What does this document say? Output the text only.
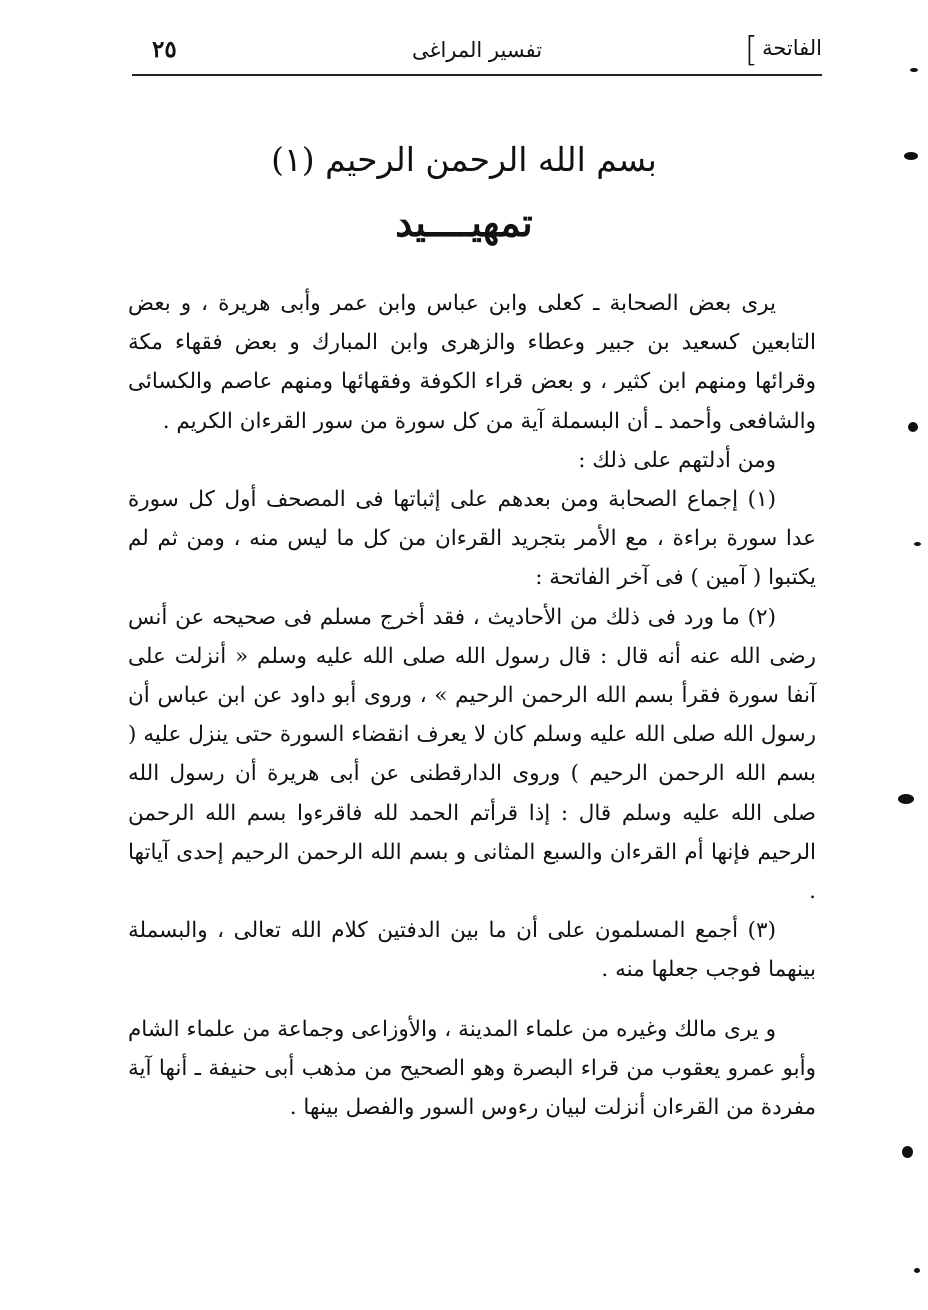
الفاتحة
]
تفسير المراغى
٢٥
بسم الله الرحمن الرحيم (١)
تمهيــــيد

يرى بعض الصحابة ـ كعلى وابن عباس وابن عمر وأبى هريرة ، و بعض التابعين كسعيد بن جبير وعطاء والزهرى وابن المبارك و بعض فقهاء مكة وقرائها ومنهم ابن كثير ، و بعض قراء الكوفة وفقهائها ومنهم عاصم والكسائى والشافعى وأحمد ـ أن البسملة آية من كل سورة من سور القرءان الكريم .

ومن أدلتهم على ذلك :

(١) إجماع الصحابة ومن بعدهم على إثباتها فى المصحف أول كل سورة عدا سورة براءة ، مع الأمر بتجريد القرءان من كل ما ليس منه ، ومن ثم لم يكتبوا ( آمين ) فى آخر الفاتحة :

(٢) ما ورد فى ذلك من الأحاديث ، فقد أخرج مسلم فى صحيحه عن أنس رضى الله عنه أنه قال : قال رسول الله صلى الله عليه وسلم « أنزلت على آنفا سورة فقرأ بسم الله الرحمن الرحيم » ، وروى أبو داود عن ابن عباس أن رسول الله صلى الله عليه وسلم كان لا يعرف انقضاء السورة حتى ينزل عليه ( بسم الله الرحمن الرحيم ) وروى الدارقطنى عن أبى هريرة أن رسول الله صلى الله عليه وسلم قال : إذا قرأتم الحمد لله فاقرءوا بسم الله الرحمن الرحيم فإنها أم القرءان والسبع المثانى و بسم الله الرحمن الرحيم إحدى آياتها .

(٣) أجمع المسلمون على أن ما بين الدفتين كلام الله تعالى ، والبسملة بينهما فوجب جعلها منه .

و يرى مالك وغيره من علماء المدينة ، والأوزاعى وجماعة من علماء الشام وأبو عمرو يعقوب من قراء البصرة وهو الصحيح من مذهب أبى حنيفة ـ أنها آية مفردة من القرءان أنزلت لبيان رءوس السور والفصل بينها .
